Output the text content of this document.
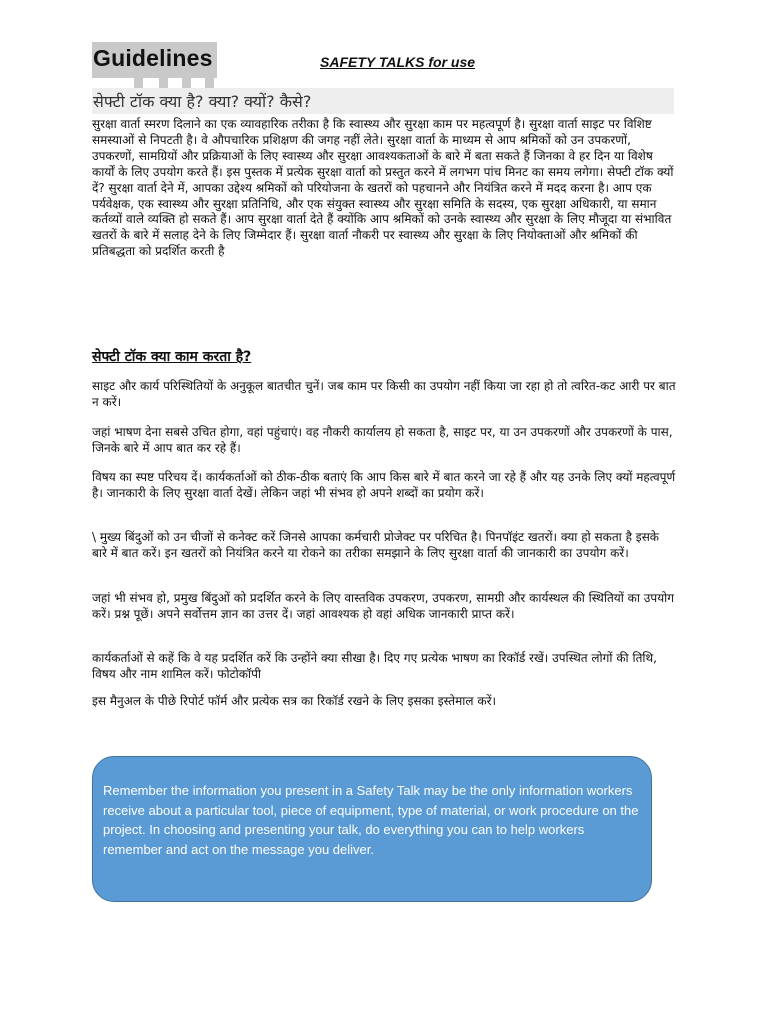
Guidelines	SAFETY TALKS for use
सेफ्टी टॉक क्या है? क्या? क्यों? कैसे?

सुरक्षा वार्ता स्मरण दिलाने का एक व्यावहारिक तरीका है कि स्वास्थ्य और सुरक्षा काम पर महत्वपूर्ण है। सुरक्षा वार्ता साइट पर विशिष्ट समस्याओं से निपटती है। वे औपचारिक प्रशिक्षण की जगह नहीं लेते। सुरक्षा वार्ता के माध्यम से आप श्रमिकों को उन उपकरणों, उपकरणों, सामग्रियों और प्रक्रियाओं के लिए स्वास्थ्य और सुरक्षा आवश्यकताओं के बारे में बता सकते हैं जिनका वे हर दिन या विशेष कार्यों के लिए उपयोग करते हैं। इस पुस्तक में प्रत्येक सुरक्षा वार्ता को प्रस्तुत करने में लगभग पांच मिनट का समय लगेगा। सेफ्टी टॉक क्यों दें? सुरक्षा वार्ता देने में, आपका उद्देश्य श्रमिकों को परियोजना के खतरों को पहचानने और नियंत्रित करने में मदद करना है। आप एक पर्यवेक्षक, एक स्वास्थ्य और सुरक्षा प्रतिनिधि, और एक संयुक्त स्वास्थ्य और सुरक्षा समिति के सदस्य, एक सुरक्षा अधिकारी, या समान कर्तव्यों वाले व्यक्ति हो सकते हैं। आप सुरक्षा वार्ता देते हैं क्योंकि आप श्रमिकों को उनके स्वास्थ्य और सुरक्षा के लिए मौजूदा या संभावित खतरों के बारे में सलाह देने के लिए जिम्मेदार हैं। सुरक्षा वार्ता नौकरी पर स्वास्थ्य और सुरक्षा के लिए नियोक्ताओं और श्रमिकों की प्रतिबद्धता को प्रदर्शित करती है

सेफ्टी टॉक क्या काम करता है?

साइट और कार्य परिस्थितियों के अनुकूल बातचीत चुनें। जब काम पर किसी का उपयोग नहीं किया जा रहा हो तो त्वरित-कट आरी पर बात न करें।

जहां भाषण देना सबसे उचित होगा, वहां पहुंचाएं। वह नौकरी कार्यालय हो सकता है, साइट पर, या उन उपकरणों और उपकरणों के पास, जिनके बारे में आप बात कर रहे हैं।

विषय का स्पष्ट परिचय दें। कार्यकर्ताओं को ठीक-ठीक बताएं कि आप किस बारे में बात करने जा रहे हैं और यह उनके लिए क्यों महत्वपूर्ण है। जानकारी के लिए सुरक्षा वार्ता देखें। लेकिन जहां भी संभव हो अपने शब्दों का प्रयोग करें।

\ मुख्य बिंदुओं को उन चीजों से कनेक्ट करें जिनसे आपका कर्मचारी प्रोजेक्ट पर परिचित है। पिनपॉइंट खतरों। क्या हो सकता है इसके बारे में बात करें। इन खतरों को नियंत्रित करने या रोकने का तरीका समझाने के लिए सुरक्षा वार्ता की जानकारी का उपयोग करें।

जहां भी संभव हो, प्रमुख बिंदुओं को प्रदर्शित करने के लिए वास्तविक उपकरण, उपकरण, सामग्री और कार्यस्थल की स्थितियों का उपयोग करें। प्रश्न पूछें। अपने सर्वोत्तम ज्ञान का उत्तर दें। जहां आवश्यक हो वहां अधिक जानकारी प्राप्त करें।

कार्यकर्ताओं से कहें कि वे यह प्रदर्शित करें कि उन्होंने क्या सीखा है। दिए गए प्रत्येक भाषण का रिकॉर्ड रखें। उपस्थित लोगों की तिथि, विषय और नाम शामिल करें। फोटोकॉपी

इस मैनुअल के पीछे रिपोर्ट फॉर्म और प्रत्येक सत्र का रिकॉर्ड रखने के लिए इसका इस्तेमाल करें।

Remember the information you present in a Safety Talk may be the only information workers receive about a particular tool, piece of equipment, type of material, or work procedure on the project. In choosing and presenting your talk, do everything you can to help workers remember and act on the message you deliver.
